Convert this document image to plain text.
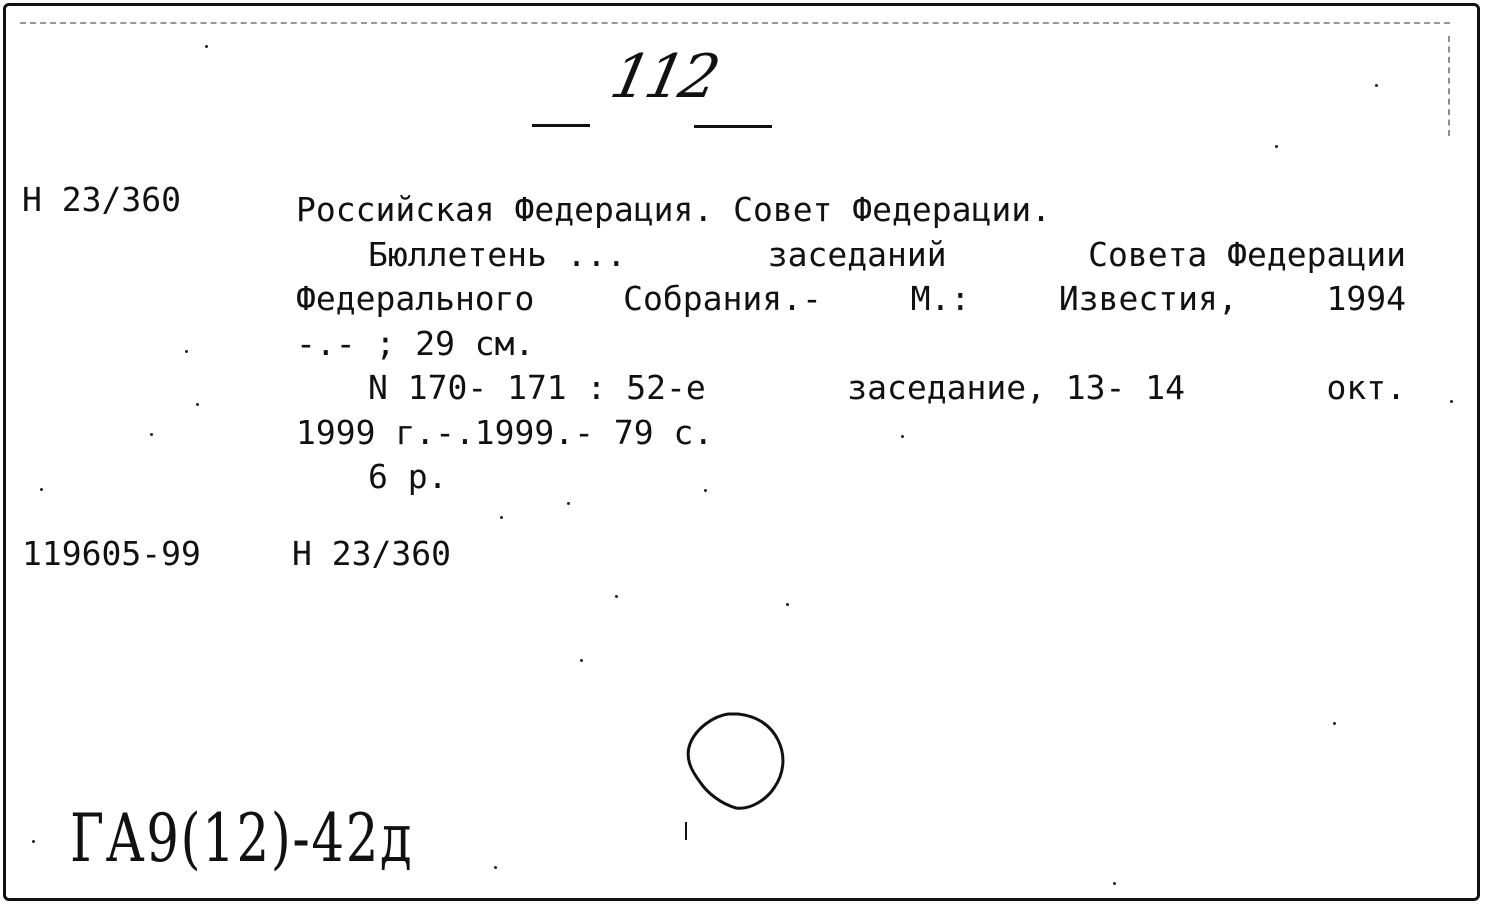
112
Н 23/360	Российская Федерация. Совет Федерации.
Бюллетень ...	заседаний	Совета Федерации
Федерального	Собрания.-	М.:	Известия,	1994
-.- ; 29 см.
N 170- 171 : 52-е	заседание, 13- 14	окт.
1999 г.-.1999.- 79 с.
6 р.
119605-99	Н 23/360
ГА9(12)-42д
